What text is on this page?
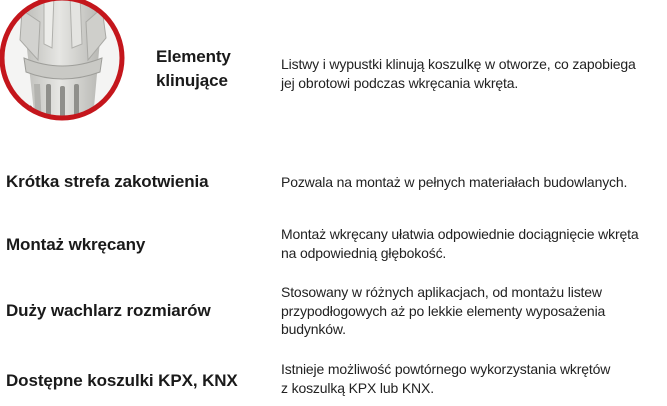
Elementy
klinujące
Listwy i wypustki klinują koszulkę w otworze, co zapobiega
jej obrotowi podczas wkręcania wkręta.
Krótka strefa zakotwienia	Pozwala na montaż w pełnych materiałach budowlanych.
Montaż wkręcany
Montaż wkręcany ułatwia odpowiednie dociągnięcie wkręta
na odpowiednią głębokość.
Duży wachlarz rozmiarów
Stosowany w różnych aplikacjach, od montażu listew
przypodłogowych aż po lekkie elementy wyposażenia
budynków.
Dostępne koszulki KPX, KNX
Istnieje możliwość powtórnego wykorzystania wkrętów
z koszulką KPX lub KNX.
